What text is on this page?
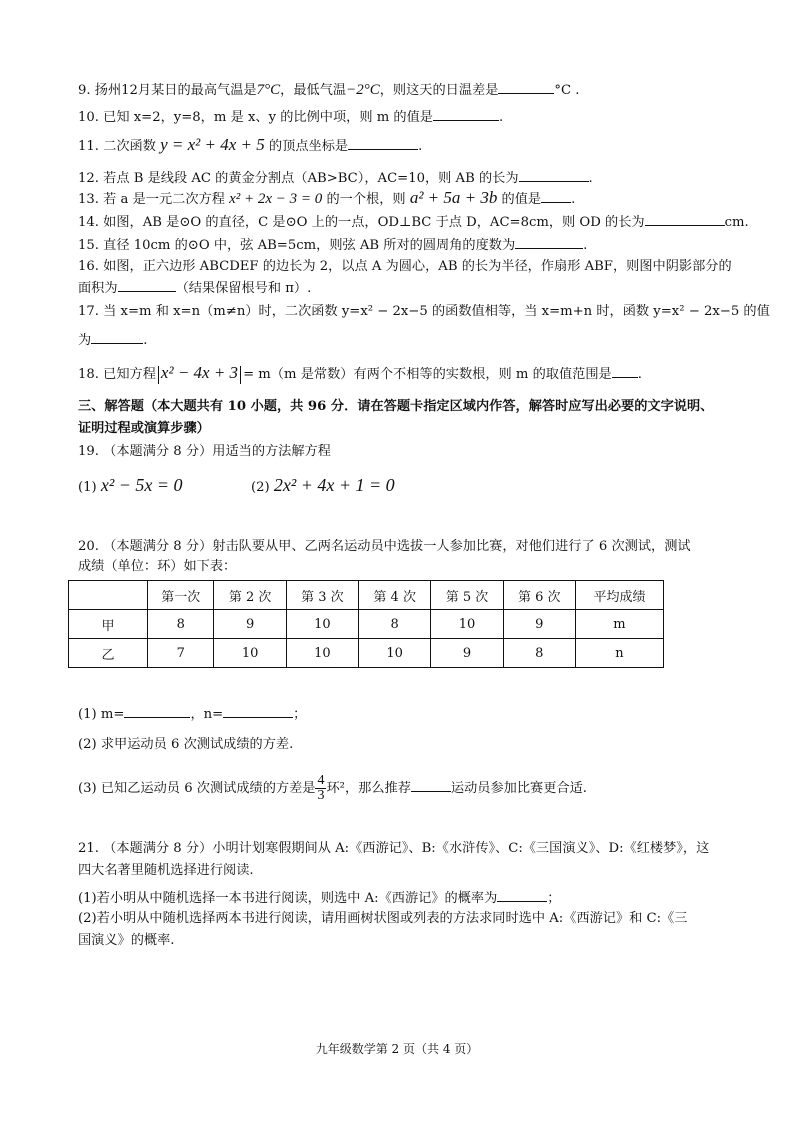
9. 扬州12月某日的最高气温是7°C，最低气温−2°C，则这天的日温差是	°C .
10. 已知 x=2，y=8，m 是 x、y 的比例中项，则 m 的值是	.
11. 二次函数 y = x² + 4x + 5 的顶点坐标是	.
12. 若点 B 是线段 AC 的黄金分割点（AB>BC），AC=10，则 AB 的长为	.
13. 若 a 是一元二次方程 x² + 2x − 3 = 0 的一个根，则 a² + 5a + 3b 的值是 .
14. 如图，AB 是⊙O 的直径，C 是⊙O 上的一点，OD⊥BC 于点 D，AC=8cm，则 OD 的长为	cm.
15. 直径 10cm 的⊙O 中，弦 AB=5cm，则弦 AB 所对的圆周角的度数为	.
16. 如图，正六边形 ABCDEF 的边长为 2，以点 A 为圆心，AB 的长为半径，作扇形 ABF，则图中阴影部分的
面积为	（结果保留根号和 π）.
17. 当 x=m 和 x=n（m≠n）时，二次函数 y=x² − 2x−5 的函数值相等，当 x=m+n 时，函数 y=x² − 2x−5 的值
为	.
18. 已知方程 x² − 4x + 3 = m（m 是常数）有两个不相等的实数根，则 m 的取值范围是 .
三、解答题（本大题共有 10 小题，共 96 分．请在答题卡指定区域内作答，解答时应写出必要的文字说明、
证明过程或演算步骤）
19. （本题满分 8 分）用适当的方法解方程
(1) x² − 5x = 0	(2) 2x² + 4x + 1 = 0
20. （本题满分 8 分）射击队要从甲、乙两名运动员中选拔一人参加比赛，对他们进行了 6 次测试，测试
成绩（单位：环）如下表：
	第一次	第 2 次	第 3 次	第 4 次	第 5 次	第 6 次	平均成绩
甲	8	9	10	8	10	9	m
乙	7	10	10	10	9	8	n
(1) m=	，n=	；
(2) 求甲运动员 6 次测试成绩的方差.
(3) 已知乙运动员 6 次测试成绩的方差是 $\frac{4}{3}$ 环²，那么推荐	运动员参加比赛更合适.
21. （本题满分 8 分）小明计划寒假期间从 A:《西游记》、B:《水浒传》、C:《三国演义》、D:《红楼梦》，这
四大名著里随机选择进行阅读.
(1)若小明从中随机选择一本书进行阅读，则选中 A:《西游记》的概率为	；
(2)若小明从中随机选择两本书进行阅读，请用画树状图或列表的方法求同时选中 A:《西游记》和 C:《三
国演义》的概率.
九年级数学第 2 页（共 4 页）
